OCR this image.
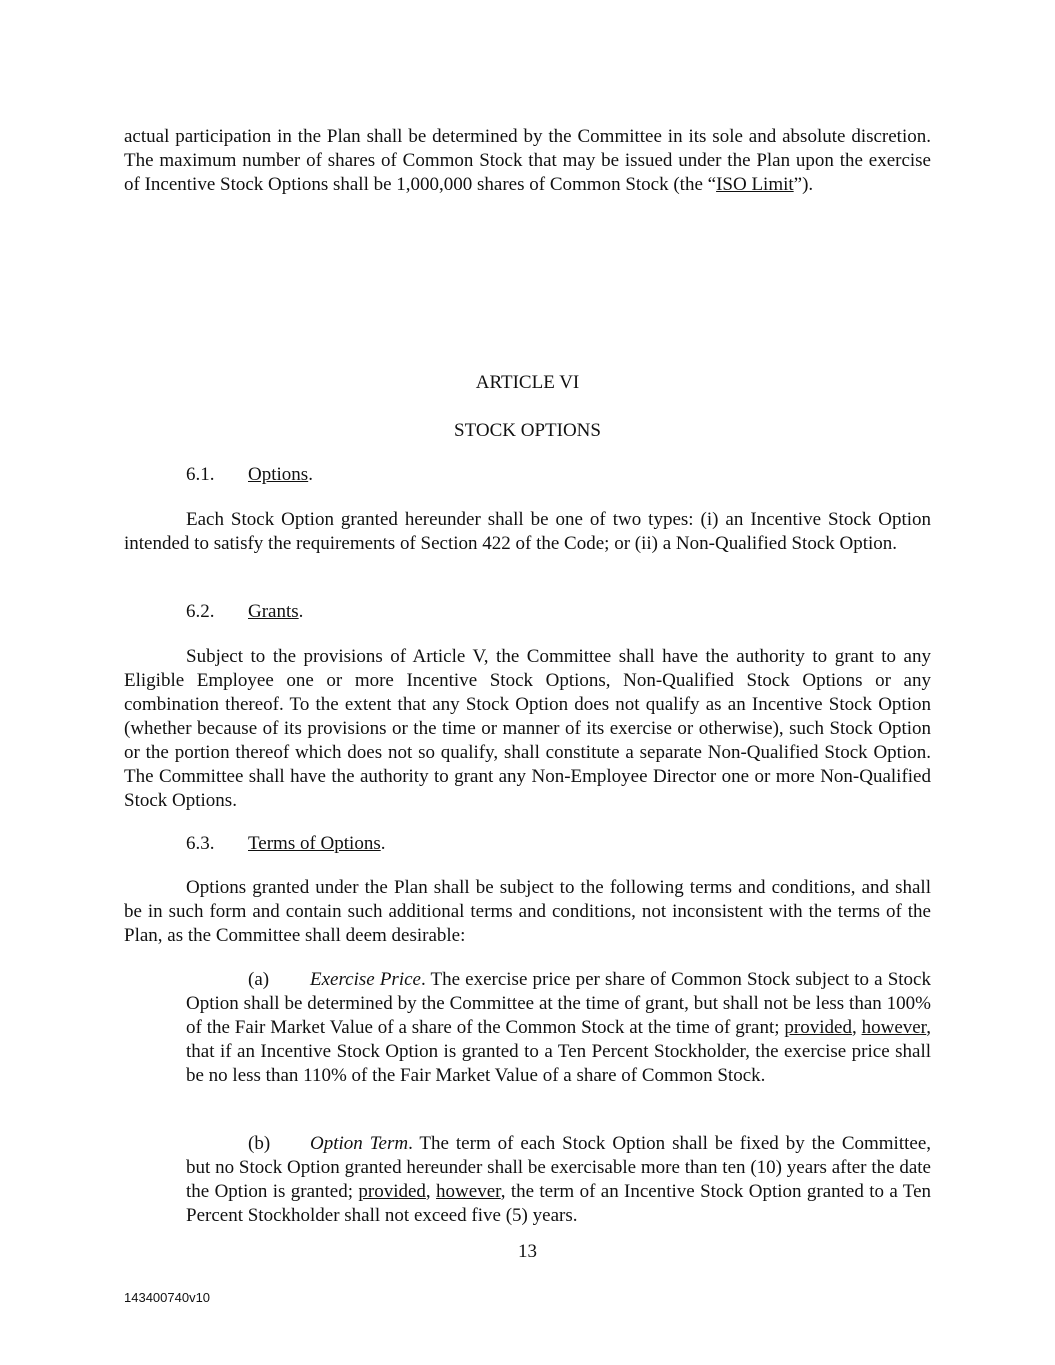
actual participation in the Plan shall be determined by the Committee in its sole and absolute discretion. The maximum number of shares of Common Stock that may be issued under the Plan upon the exercise of Incentive Stock Options shall be 1,000,000 shares of Common Stock (the “ISO Limit”).

ARTICLE VI

STOCK OPTIONS

6.1. Options.

Each Stock Option granted hereunder shall be one of two types: (i) an Incentive Stock Option intended to satisfy the requirements of Section 422 of the Code; or (ii) a Non-Qualified Stock Option.

6.2. Grants.

Subject to the provisions of Article V, the Committee shall have the authority to grant to any Eligible Employee one or more Incentive Stock Options, Non-Qualified Stock Options or any combination thereof. To the extent that any Stock Option does not qualify as an Incentive Stock Option (whether because of its provisions or the time or manner of its exercise or otherwise), such Stock Option or the portion thereof which does not so qualify, shall constitute a separate Non-Qualified Stock Option. The Committee shall have the authority to grant any Non-Employee Director one or more Non-Qualified Stock Options.

6.3. Terms of Options.

Options granted under the Plan shall be subject to the following terms and conditions, and shall be in such form and contain such additional terms and conditions, not inconsistent with the terms of the Plan, as the Committee shall deem desirable:

(a) Exercise Price. The exercise price per share of Common Stock subject to a Stock Option shall be determined by the Committee at the time of grant, but shall not be less than 100% of the Fair Market Value of a share of the Common Stock at the time of grant; provided, however, that if an Incentive Stock Option is granted to a Ten Percent Stockholder, the exercise price shall be no less than 110% of the Fair Market Value of a share of Common Stock.

(b) Option Term. The term of each Stock Option shall be fixed by the Committee, but no Stock Option granted hereunder shall be exercisable more than ten (10) years after the date the Option is granted; provided, however, the term of an Incentive Stock Option granted to a Ten Percent Stockholder shall not exceed five (5) years.

13

143400740v10
